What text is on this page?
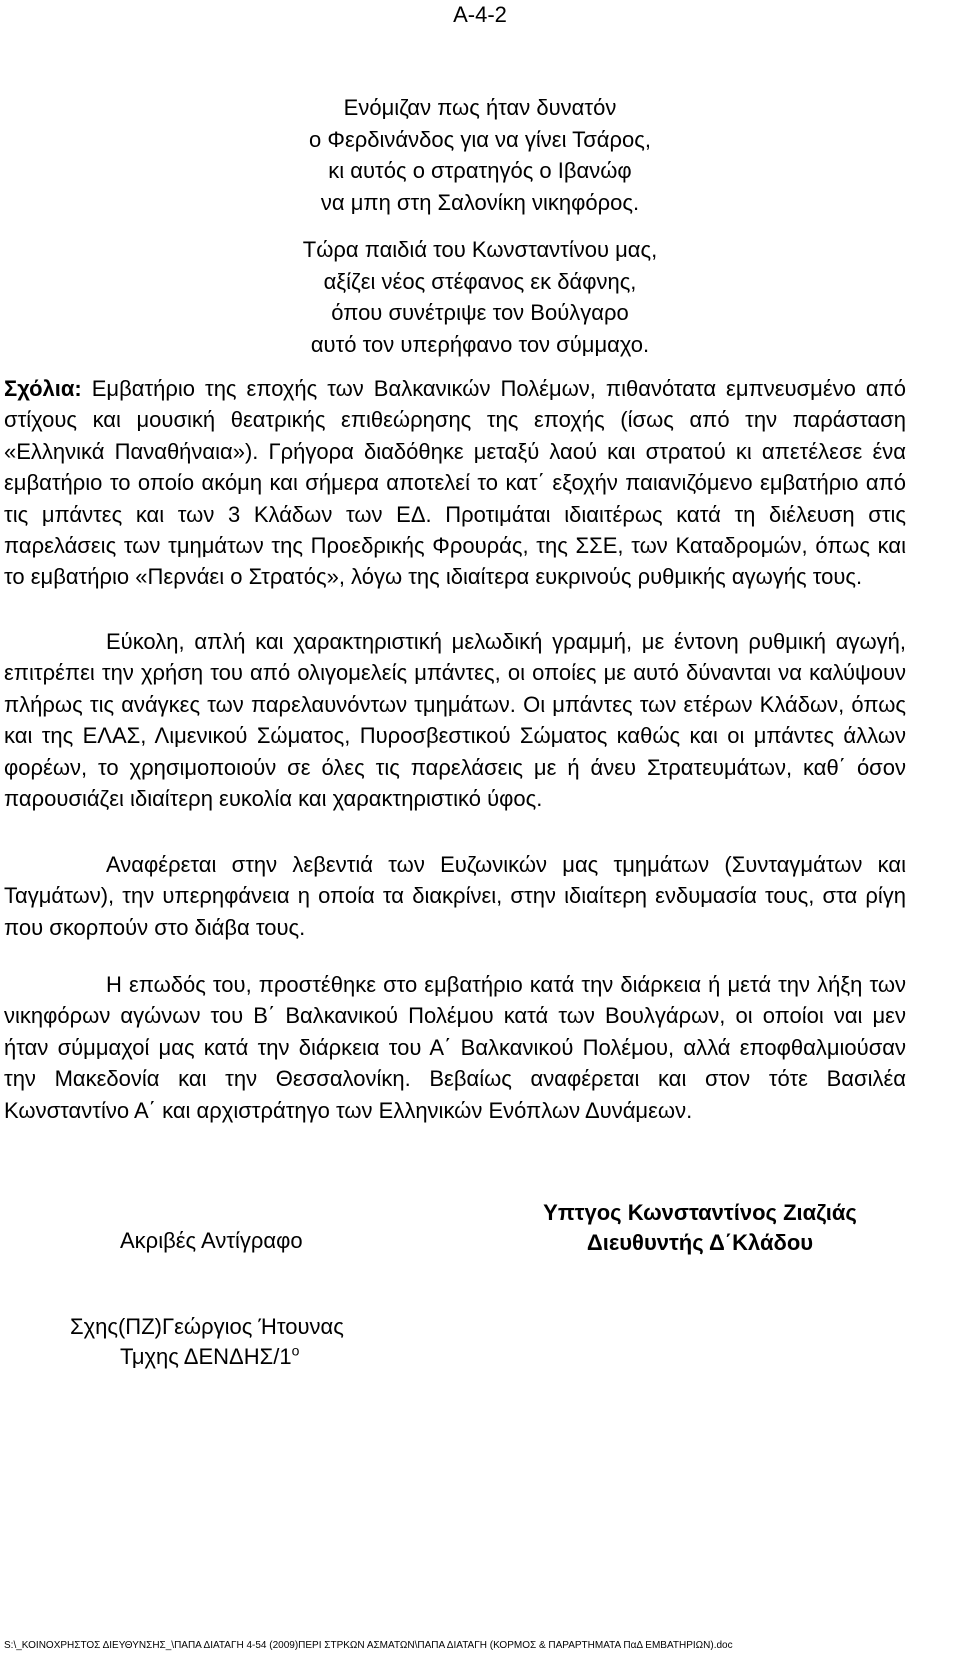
Α-4-2
Ενόμιζαν πως ήταν δυνατόν
ο Φερδινάνδος για να γίνει Τσάρος,
κι αυτός ο στρατηγός ο Ιβανώφ
να μπη στη Σαλονίκη νικηφόρος.
Τώρα παιδιά του Κωνσταντίνου μας,
αξίζει νέος στέφανος εκ δάφνης,
όπου συνέτριψε τον Βούλγαρο
αυτό τον υπερήφανο τον σύμμαχο.

Σχόλια: Εμβατήριο της εποχής των Βαλκανικών Πολέμων, πιθανότατα εμπνευσμένο από στίχους και μουσική θεατρικής επιθεώρησης της εποχής (ίσως από την παράσταση «Ελληνικά Παναθήναια»). Γρήγορα διαδόθηκε μεταξύ λαού και στρατού κι απετέλεσε ένα εμβατήριο το οποίο ακόμη και σήμερα αποτελεί το κατ΄ εξοχήν παιανιζόμενο εμβατήριο από τις μπάντες και των 3 Κλάδων των ΕΔ. Προτιμάται ιδιαιτέρως κατά τη διέλευση στις παρελάσεις των τμημάτων της Προεδρικής Φρουράς, της ΣΣΕ, των Καταδρομών, όπως και το εμβατήριο «Περνάει ο Στρατός», λόγω της ιδιαίτερα ευκρινούς ρυθμικής αγωγής τους.

Εύκολη, απλή και χαρακτηριστική μελωδική γραμμή, με έντονη ρυθμική αγωγή, επιτρέπει την χρήση του από ολιγομελείς μπάντες, οι οποίες με αυτό δύνανται να καλύψουν πλήρως τις ανάγκες των παρελαυνόντων τμημάτων. Οι μπάντες των ετέρων Κλάδων, όπως και της ΕΛΑΣ, Λιμενικού Σώματος, Πυροσβεστικού Σώματος καθώς και οι μπάντες άλλων φορέων, το χρησιμοποιούν σε όλες τις παρελάσεις με ή άνευ Στρατευμάτων, καθ΄ όσον παρουσιάζει ιδιαίτερη ευκολία και χαρακτηριστικό ύφος.

Αναφέρεται στην λεβεντιά των Ευζωνικών μας τμημάτων (Συνταγμάτων και Ταγμάτων), την υπερηφάνεια η οποία τα διακρίνει, στην ιδιαίτερη ενδυμασία τους, στα ρίγη που σκορπούν στο διάβα τους.

Η επωδός του, προστέθηκε στο εμβατήριο κατά την διάρκεια ή μετά την λήξη των νικηφόρων αγώνων του Β΄ Βαλκανικού Πολέμου κατά των Βουλγάρων, οι οποίοι ναι μεν ήταν σύμμαχοί μας κατά την διάρκεια του Α΄ Βαλκανικού Πολέμου, αλλά εποφθαλμιούσαν την Μακεδονία και την Θεσσαλονίκη. Βεβαίως αναφέρεται και στον τότε Βασιλέα Κωνσταντίνο Α΄ και αρχιστράτηγο των Ελληνικών Ενόπλων Δυνάμεων.

Ακριβές Αντίγραφο
Υπτγος Κωνσταντίνος Ζιαζιάς
Διευθυντής Δ΄Κλάδου
Σχης(ΠΖ)Γεώργιος Ήτουνας
Τμχης ΔΕΝΔΗΣ/$1^o$
S:\_ΚΟΙΝΟΧΡΗΣΤΟΣ ΔΙΕΥΘΥΝΣΗΣ_\ΠΑΠΑ ΔΙΑΤΑΓΗ 4-54 (2009)ΠΕΡΙ ΣΤΡΚΩΝ ΑΣΜΑΤΩΝ\ΠΑΠΑ ΔΙΑΤΑΓΗ (ΚΟΡΜΟΣ & ΠΑΡΑΡΤΗΜΑΤΑ ΠαΔ ΕΜΒΑΤΗΡΙΩΝ).doc
